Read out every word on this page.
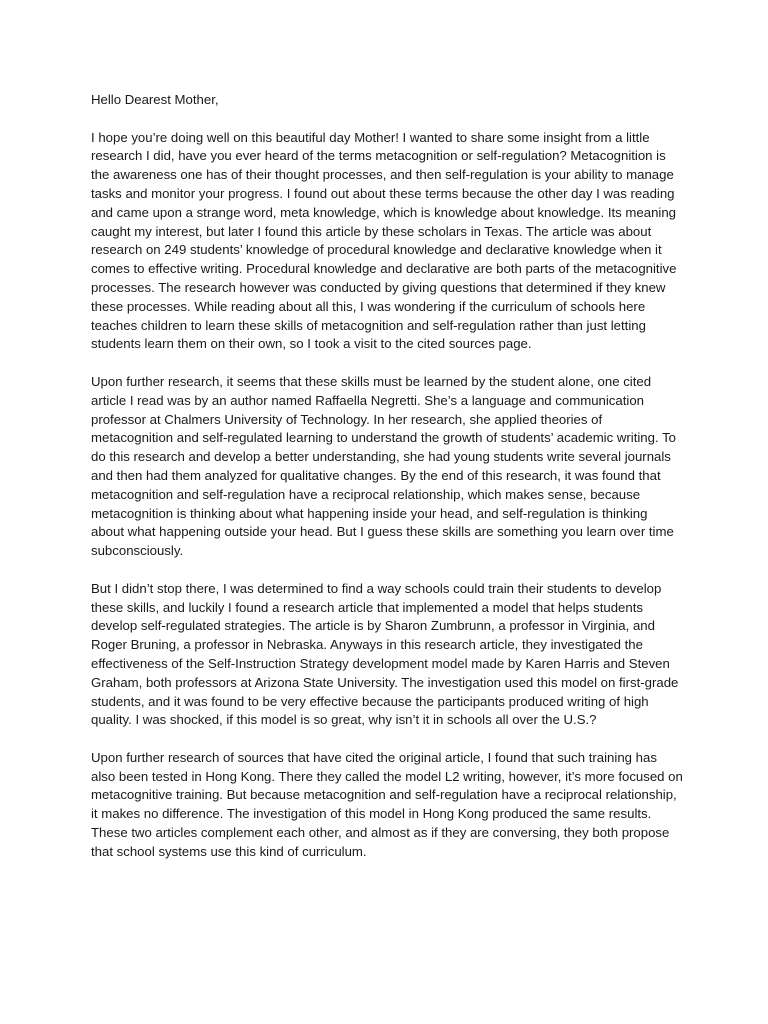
Hello Dearest Mother,

I hope you’re doing well on this beautiful day Mother! I wanted to share some insight from a little research I did, have you ever heard of the terms metacognition or self-regulation? Metacognition is the awareness one has of their thought processes, and then self-regulation is your ability to manage tasks and monitor your progress. I found out about these terms because the other day I was reading and came upon a strange word, meta knowledge, which is knowledge about knowledge. Its meaning caught my interest, but later I found this article by these scholars in Texas. The article was about research on 249 students’ knowledge of procedural knowledge and declarative knowledge when it comes to effective writing. Procedural knowledge and declarative are both parts of the metacognitive processes. The research however was conducted by giving questions that determined if they knew these processes. While reading about all this, I was wondering if the curriculum of schools here teaches children to learn these skills of metacognition and self-regulation rather than just letting students learn them on their own, so I took a visit to the cited sources page.

Upon further research, it seems that these skills must be learned by the student alone, one cited article I read was by an author named Raffaella Negretti. She’s a language and communication professor at Chalmers University of Technology. In her research, she applied theories of metacognition and self-regulated learning to understand the growth of students’ academic writing. To do this research and develop a better understanding, she had young students write several journals and then had them analyzed for qualitative changes. By the end of this research, it was found that metacognition and self-regulation have a reciprocal relationship, which makes sense, because metacognition is thinking about what happening inside your head, and self-regulation is thinking about what happening outside your head. But I guess these skills are something you learn over time subconsciously.

But I didn’t stop there, I was determined to find a way schools could train their students to develop these skills, and luckily I found a research article that implemented a model that helps students develop self-regulated strategies. The article is by Sharon Zumbrunn, a professor in Virginia, and Roger Bruning, a professor in Nebraska. Anyways in this research article, they investigated the effectiveness of the Self-Instruction Strategy development model made by Karen Harris and Steven Graham, both professors at Arizona State University. The investigation used this model on first-grade students, and it was found to be very effective because the participants produced writing of high quality. I was shocked, if this model is so great, why isn’t it in schools all over the U.S.?

Upon further research of sources that have cited the original article, I found that such training has also been tested in Hong Kong. There they called the model L2 writing, however, it’s more focused on metacognitive training. But because metacognition and self-regulation have a reciprocal relationship, it makes no difference. The investigation of this model in Hong Kong produced the same results. These two articles complement each other, and almost as if they are conversing, they both propose that school systems use this kind of curriculum.
